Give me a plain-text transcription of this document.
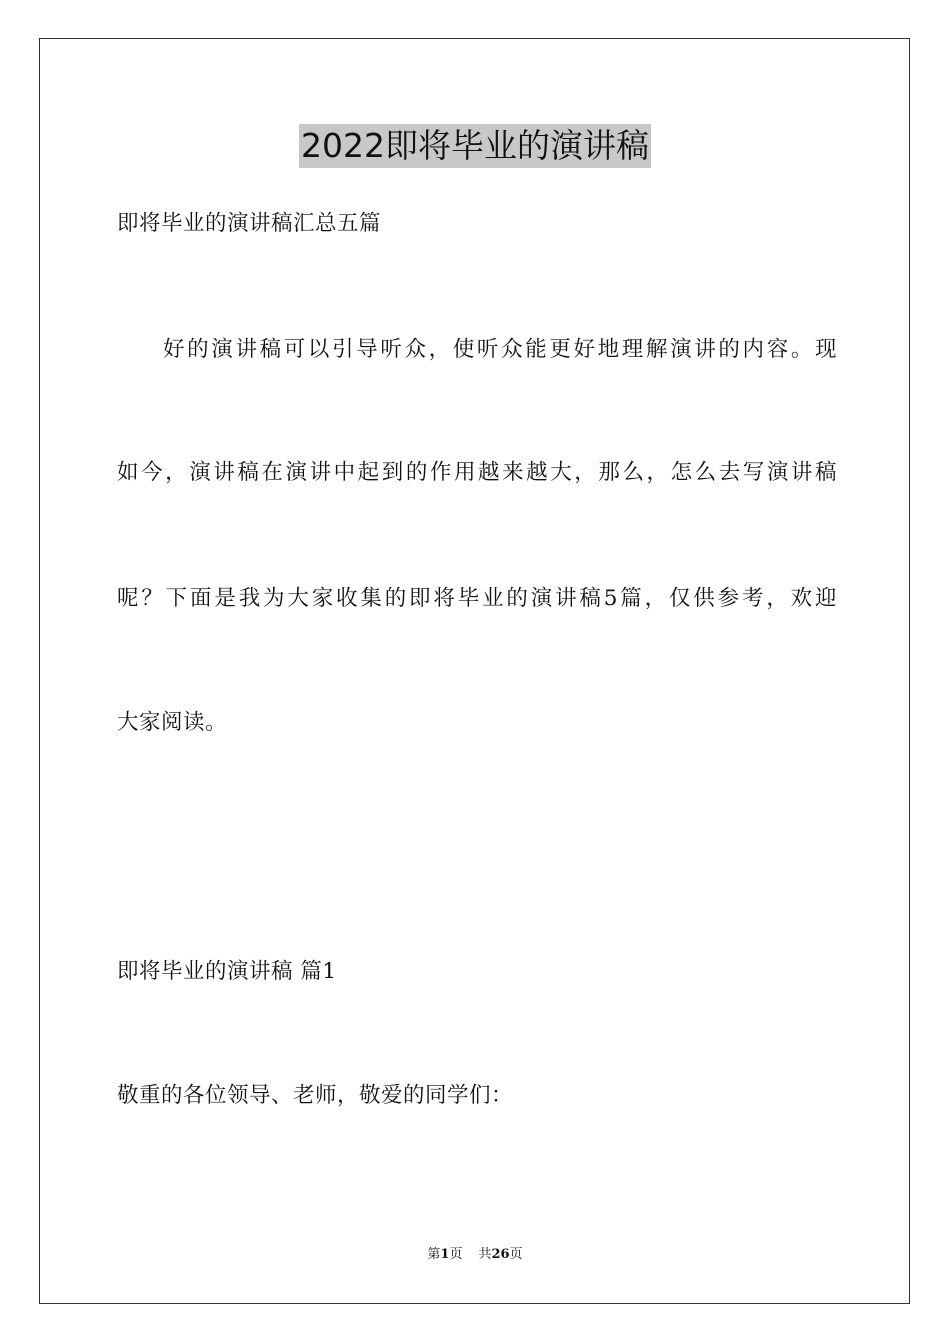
2022即将毕业的演讲稿
即将毕业的演讲稿汇总五篇
好的演讲稿可以引导听众，使听众能更好地理解演讲的内容。现
如今，演讲稿在演讲中起到的作用越来越大，那么，怎么去写演讲稿
呢？下面是我为大家收集的即将毕业的演讲稿5篇，仅供参考，欢迎
大家阅读。
即将毕业的演讲稿 篇1
敬重的各位领导、老师，敬爱的同学们：
第1页 共26页
